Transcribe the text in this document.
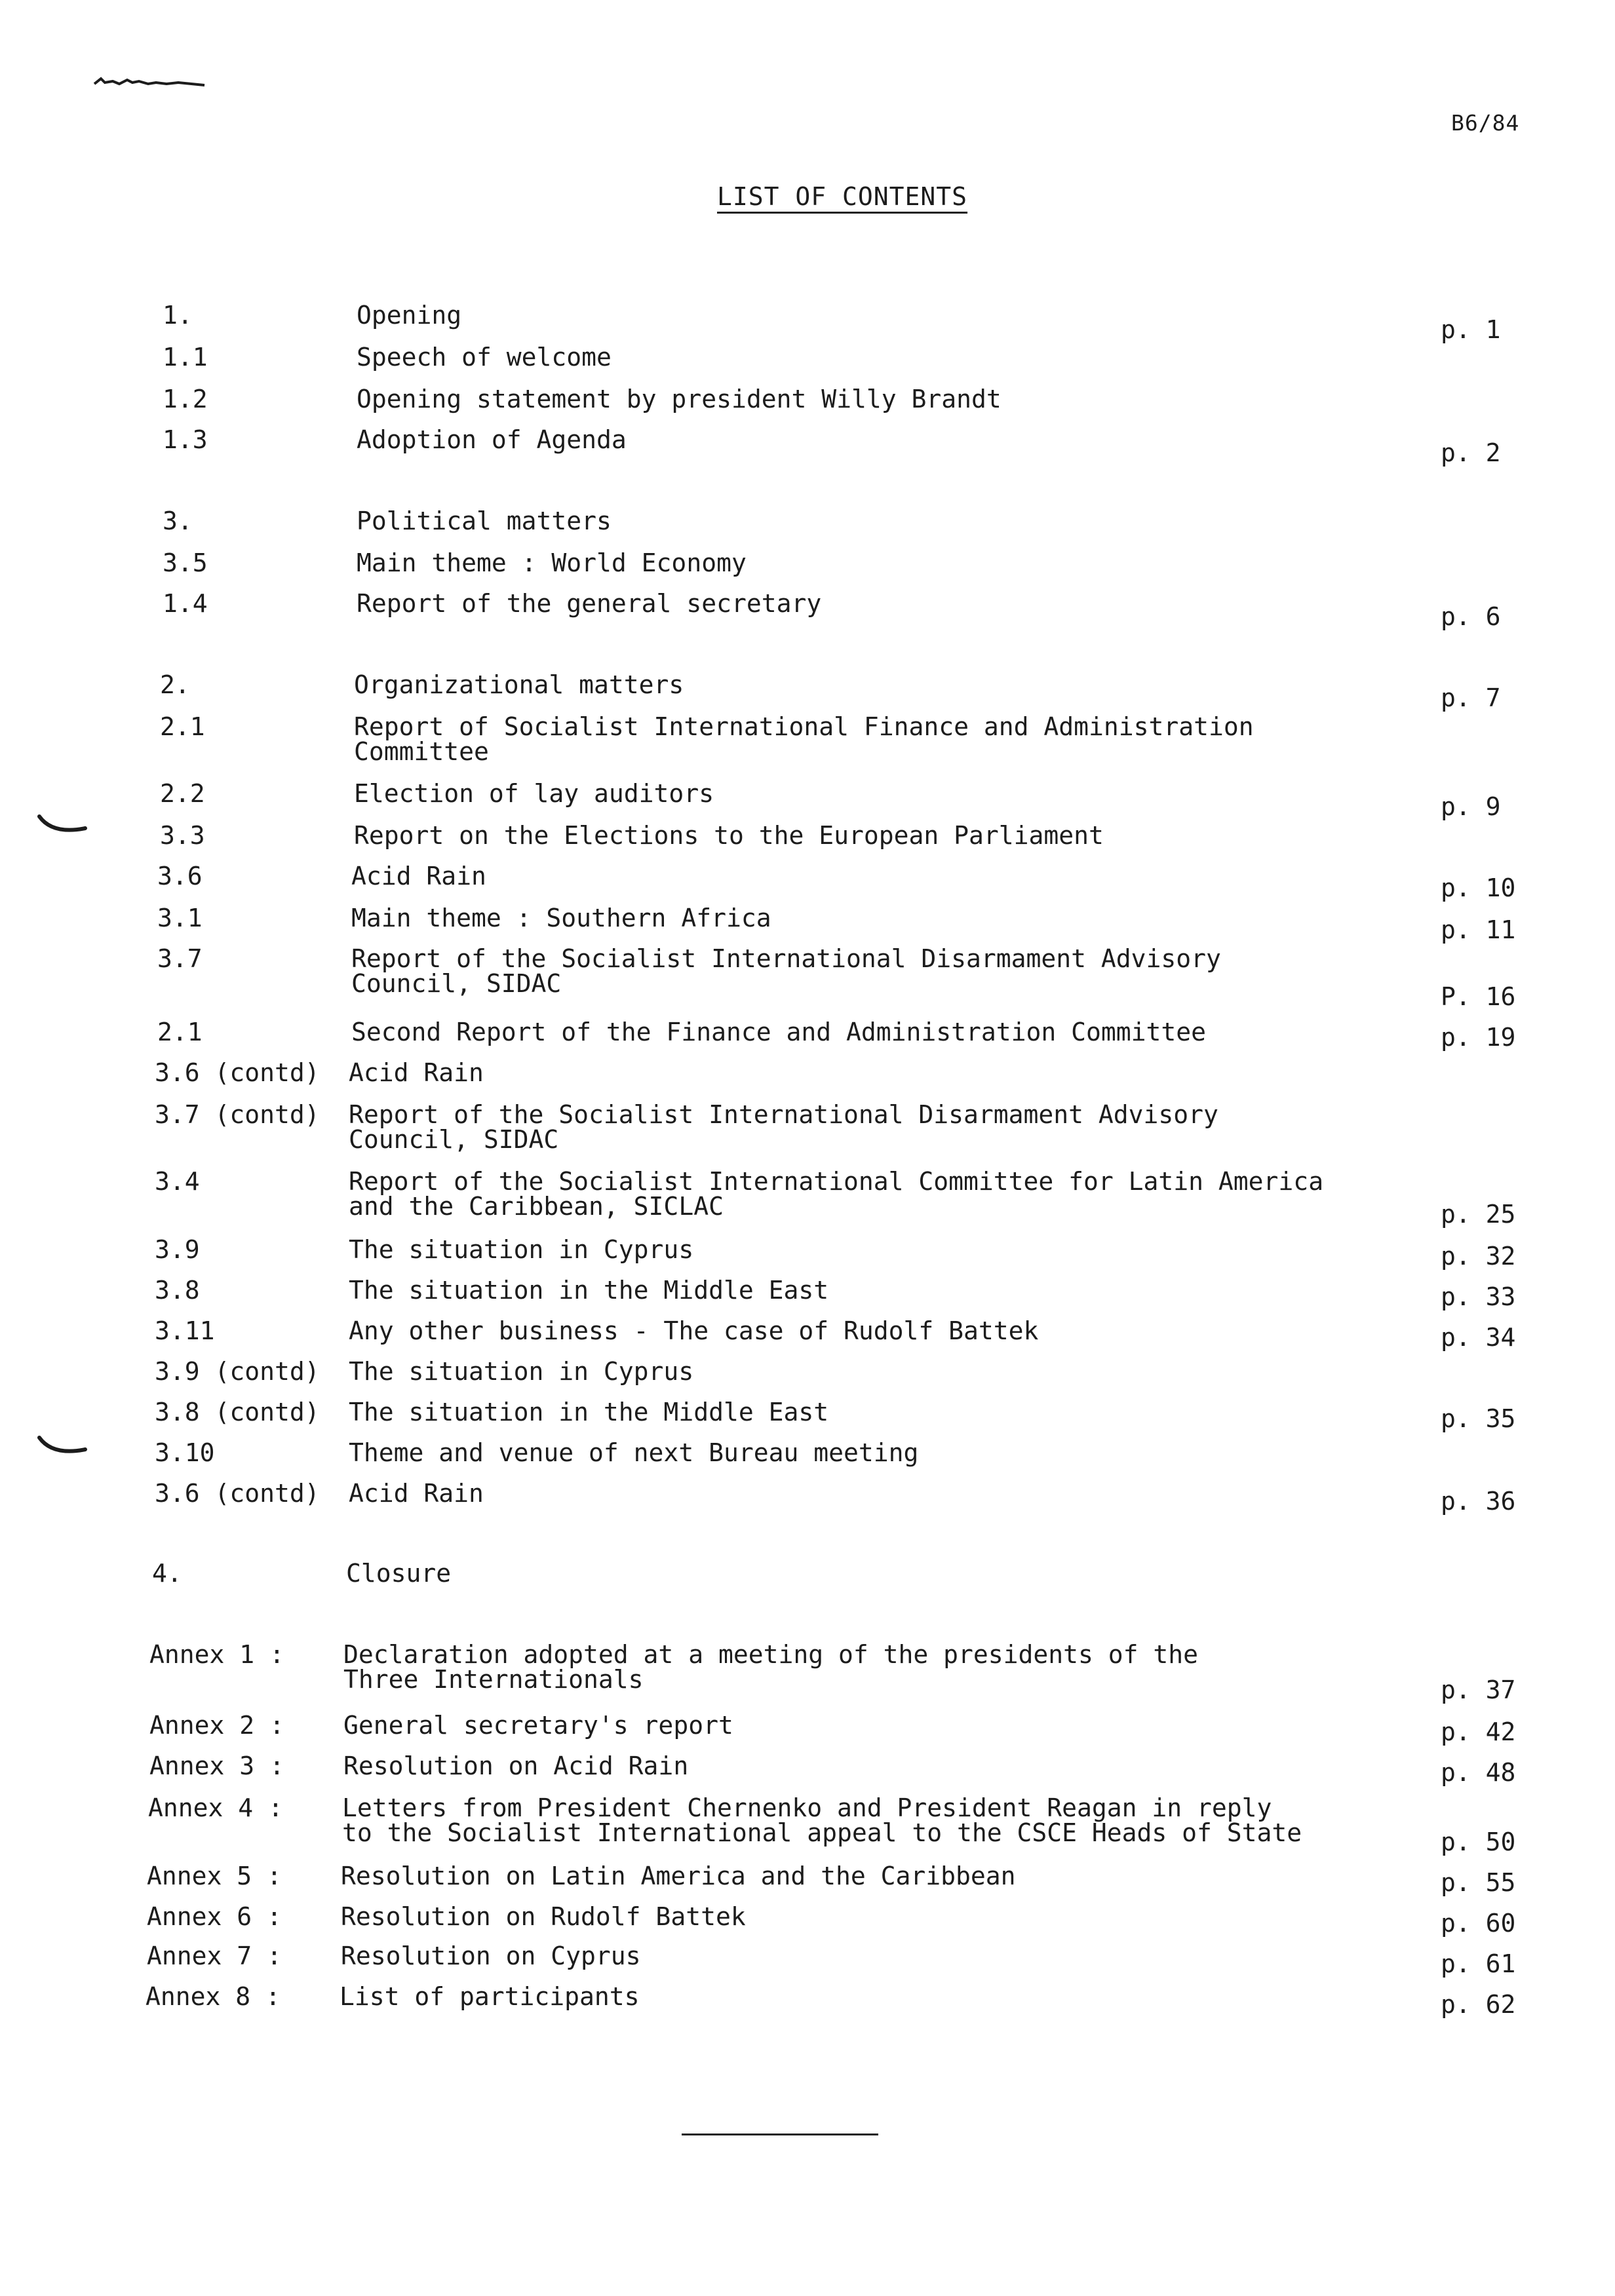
B6/84
LIST OF CONTENTS
1.	Opening	p. 1
1.1	Speech of welcome
1.2	Opening statement by president Willy Brandt
1.3	Adoption of Agenda	p. 2
3.	Political matters
3.5	Main theme : World Economy
1.4	Report of the general secretary	p. 6
2.	Organizational matters	p. 7
2.1	Report of Socialist International Finance and Administration
Committee
2.2	Election of lay auditors	p. 9
3.3	Report on the Elections to the European Parliament
3.6	Acid Rain	p. 10
3.1	Main theme : Southern Africa	p. 11
3.7	Report of the Socialist International Disarmament Advisory
Council, SIDAC	P. 16
2.1	Second Report of the Finance and Administration Committee	p. 19
3.6 (contd) Acid Rain
3.7 (contd) Report of the Socialist International Disarmament Advisory
Council, SIDAC
3.4	Report of the Socialist International Committee for Latin America
and the Caribbean, SICLAC	p. 25
3.9	The situation in Cyprus	p. 32
3.8	The situation in the Middle East	p. 33
3.11	Any other business - The case of Rudolf Battek	p. 34
3.9 (contd) The situation in Cyprus
3.8 (contd) The situation in the Middle East	p. 35
3.10	Theme and venue of next Bureau meeting
3.6 (contd) Acid Rain	p. 36
4.	Closure
Annex 1 : Declaration adopted at a meeting of the presidents of the
Three Internationals	p. 37
Annex 2 : General secretary's report	p. 42
Annex 3 : Resolution on Acid Rain	p. 48
Annex 4 : Letters from President Chernenko and President Reagan in reply
to the Socialist International appeal to the CSCE Heads of State	p. 50
Annex 5 : Resolution on Latin America and the Caribbean	p. 55
Annex 6 : Resolution on Rudolf Battek	p. 60
Annex 7 : Resolution on Cyprus	p. 61
Annex 8 : List of participants	p. 62
